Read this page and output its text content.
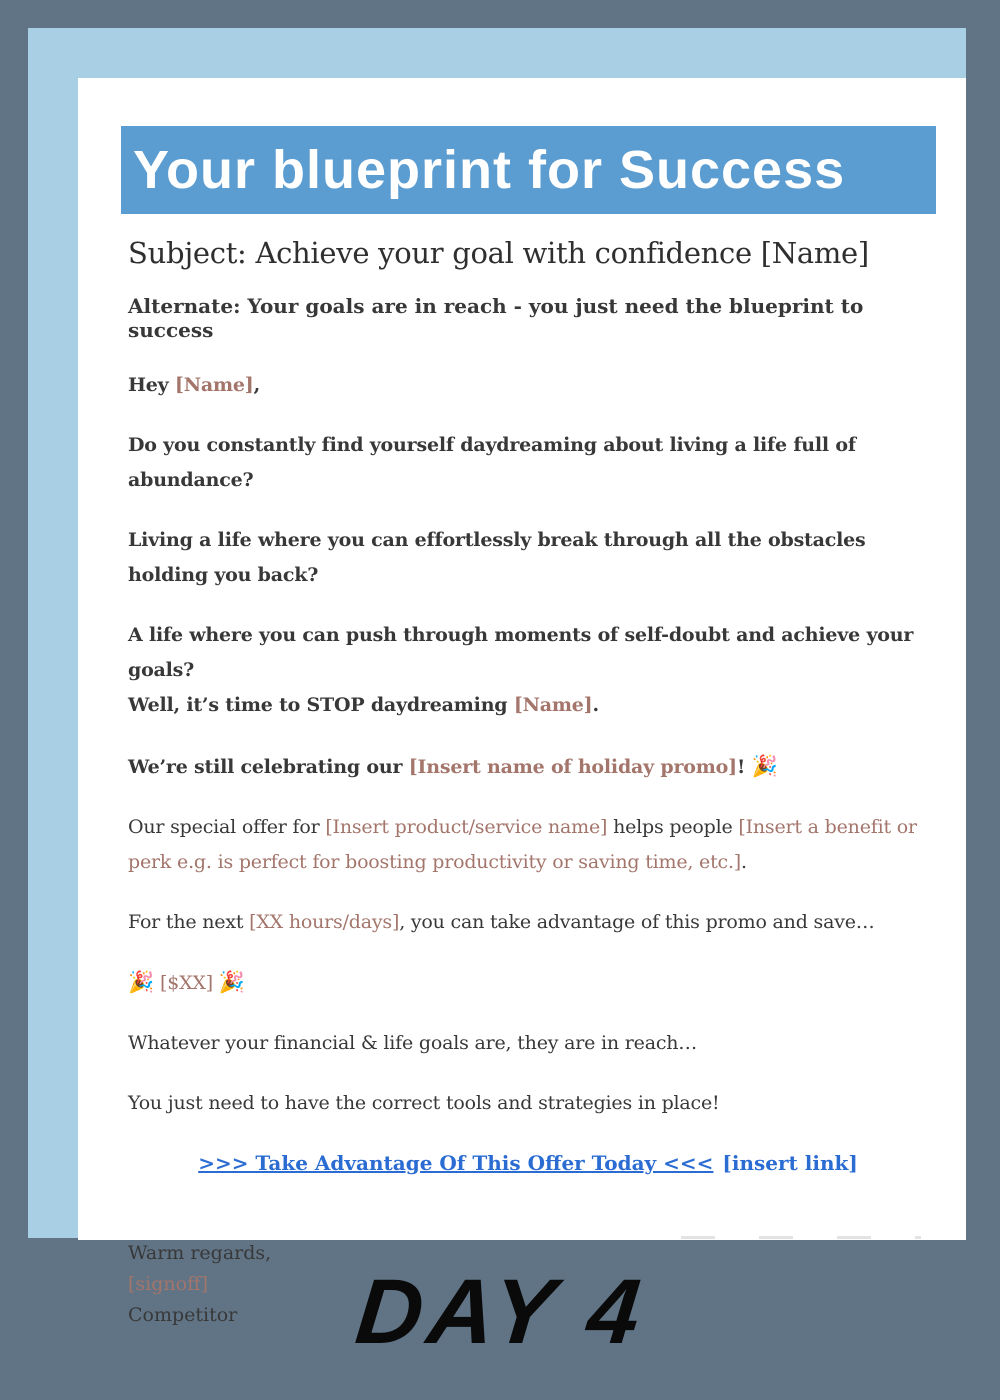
Your blueprint for Success
Subject: Achieve your goal with confidence [Name]
Alternate: Your goals are in reach - you just need the blueprint to success

Hey [Name],

Do you constantly find yourself daydreaming about living a life full of abundance?

Living a life where you can effortlessly break through all the obstacles holding you back?

A life where you can push through moments of self-doubt and achieve your goals?
Well, it’s time to STOP daydreaming [Name].

We’re still celebrating our [Insert name of holiday promo]! 🎉

Our special offer for [Insert product/service name] helps people [Insert a benefit or perk e.g. is perfect for boosting productivity or saving time, etc.].

For the next [XX hours/days], you can take advantage of this promo and save…

🎉 [$XX] 🎉

Whatever your financial & life goals are, they are in reach…

You just need to have the correct tools and strategies in place!

>>> Take Advantage Of This Offer Today <<< [insert link]
Warm regards,
[signoff]
Competitor	DAY 4
